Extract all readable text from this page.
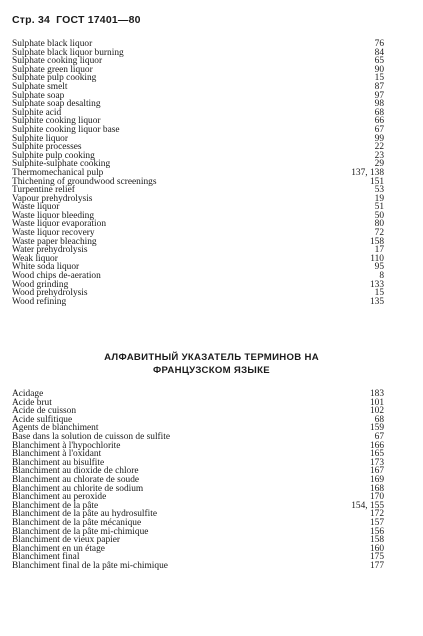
Стр. 34 ГОСТ 17401—80
Sulphate black liquor	76
Sulphate black liquor burning	84
Sulphate cooking liquor	65
Sulphate green liquor	90
Sulphate pulp cooking	15
Sulphate smelt	87
Sulphate soap	97
Sulphate soap desalting	98
Sulphite acid	68
Sulphite cooking liquor	66
Sulphite cooking liquor base	67
Sulphite liquor	99
Sulphite processes	22
Sulphite pulp cooking	23
Sulphite-sulphate cooking	29
Thermomechanical pulp	137, 138
Thichening of groundwood screenings	151
Turpentine relief	53
Vapour prehydrolysis	19
Waste liquor	51
Waste liquor bleeding	50
Waste liquor evaporation	80
Waste liquor recovery	72
Waste paper bleaching	158
Water prehydrolysis	17
Weak liquor	110
White soda liquor	95
Wood chips de-aeration	8
Wood grinding	133
Wood prehydrolysis	15
Wood refining	135
АЛФАВИТНЫЙ УКАЗАТЕЛЬ ТЕРМИНОВ НА
ФРАНЦУЗСКОМ ЯЗЫКЕ
Acidage	183
Acide brut	101
Acide de cuisson	102
Acide sulfitique	68
Agents de blanchiment	159
Base dans la solution de cuisson de sulfite	67
Blanchiment à l'hypochlorite	166
Blanchiment à l'oxidant	165
Blanchiment au bisulfite	173
Blanchiment au dioxide de chlore	167
Blanchiment au chlorate de soude	169
Blanchiment au chlorite de sodium	168
Blanchiment au peroxide	170
Blanchiment de la pâte	154, 155
Blanchiment de la pâte au hydrosulfite	172
Blanchiment de la pâte mécanique	157
Blanchiment de la pâte mi-chimique	156
Blanchiment de vieux papier	158
Blanchiment en un étage	160
Blanchiment final	175
Blanchiment final de la pâte mi-chimique	177
